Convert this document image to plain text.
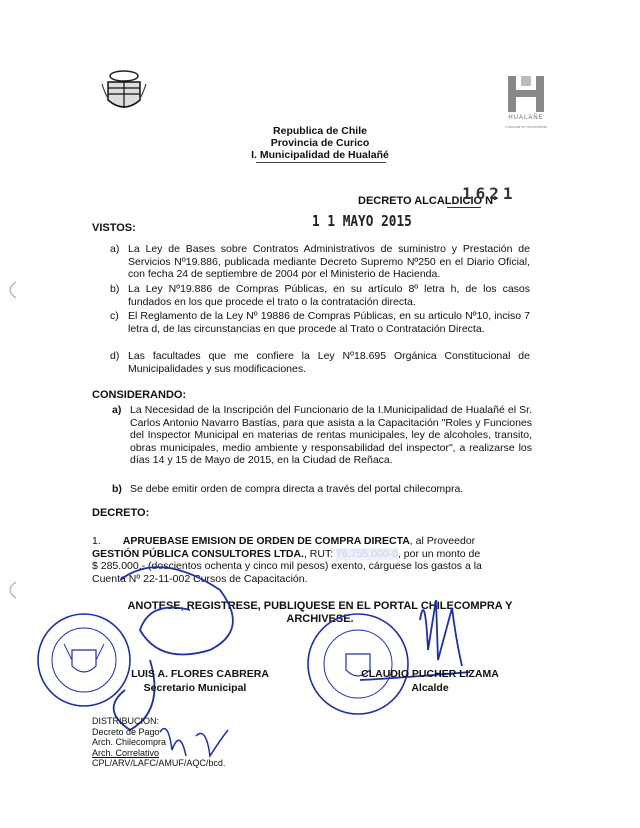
HUALAÑE
Comuna en movimiento
Republica de Chile
Provincia de Curico
I. Municipalidad de Hualañé
DECRETO ALCALDICIO Nº
1621
1 1 MAYO 2015
VISTOS:
a) La Ley de Bases sobre Contratos Administrativos de suministro y Prestación de Servicios Nº19.886, publicada mediante Decreto Supremo Nº250 en el Diario Oficial, con fecha 24 de septiembre de 2004 por el Ministerio de Hacienda.
b) La Ley Nº19.886 de Compras Públicas, en su artículo 8º letra h, de los casos fundados en los que procede el trato o la contratación directa.
c) El Reglamento de la Ley Nº 19886 de Compras Públicas, en su articulo Nº10, inciso 7 letra d, de las circunstancias en que procede al Trato o Contratación Directa.
d) Las facultades que me confiere la Ley Nº18.695 Orgánica Constitucional de Municipalidades y sus modificaciones.
CONSIDERANDO:
a) La Necesidad de la Inscripción del Funcionario de la I.Municipalidad de Hualañé el Sr. Carlos Antonio Navarro Bastías, para que asista a la Capacitación "Roles y Funciones del Inspector Municipal en materias de rentas municipales, ley de alcoholes, transito, obras municipales, medio ambiente y responsabilidad del inspector", a realizarse los días 14 y 15 de Mayo de 2015, en la Ciudad de Reñaca.
b) Se debe emitir orden de compra directa a través del portal chilecompra.
DECRETO:
1. APRUEBASE EMISION DE ORDEN DE COMPRA DIRECTA, al Proveedor
GESTIÓN PÚBLICA CONSULTORES LTDA., RUT: 76.755.000-0, por un monto de
$ 285.000.- (doscientos ochenta y cinco mil pesos) exento, cárguese los gastos a la
Cuenta Nº 22-11-002 Cursos de Capacitación.
ANOTESE, REGISTRESE, PUBLIQUESE EN EL PORTAL CHILECOMPRA Y
ARCHIVESE.
LUIS A. FLORES CABRERA
Secretario Municipal
CLAUDIO PUCHER LIZAMA
Alcalde
DISTRIBUCION:
Decreto de Pago
Arch. Chilecompra
Arch. Correlativo
CPL/ARV/LAFC/AMUF/AQC/bcd.
